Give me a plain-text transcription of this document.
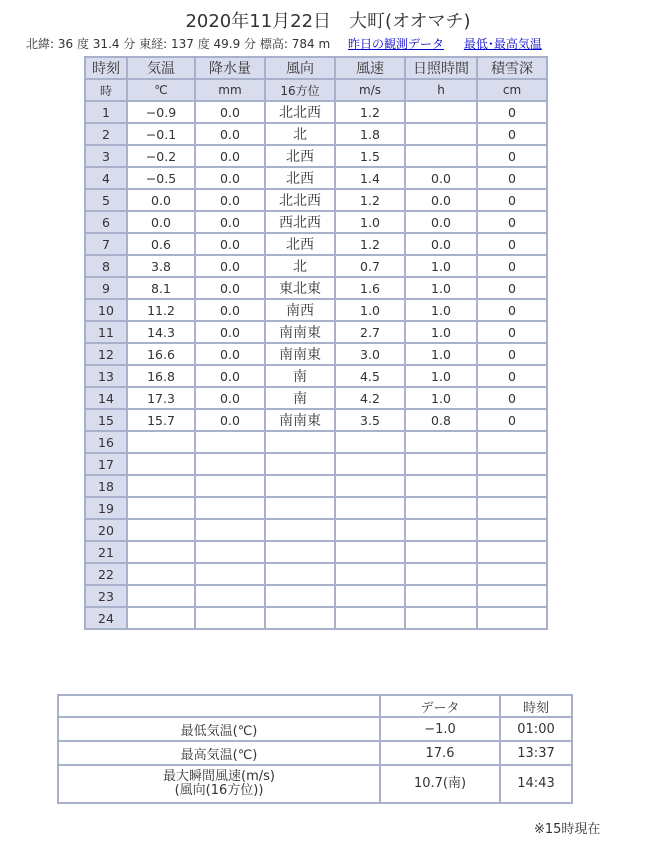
2020年11月22日　大町(オオマチ)
北緯: 36 度 31.4 分 東経: 137 度 49.9 分 標高: 784 m 昨日の観測データ 最低･最高気温
時刻	気温	降水量	風向	風速	日照時間	積雪深
時	℃	mm	16方位	m/s	h	cm
1	−0.9	0.0	北北西	1.2		0
2	−0.1	0.0	北	1.8		0
3	−0.2	0.0	北西	1.5		0
4	−0.5	0.0	北西	1.4	0.0	0
5	0.0	0.0	北北西	1.2	0.0	0
6	0.0	0.0	西北西	1.0	0.0	0
7	0.6	0.0	北西	1.2	0.0	0
8	3.8	0.0	北	0.7	1.0	0
9	8.1	0.0	東北東	1.6	1.0	0
10	11.2	0.0	南西	1.0	1.0	0
11	14.3	0.0	南南東	2.7	1.0	0
12	16.6	0.0	南南東	3.0	1.0	0
13	16.8	0.0	南	4.5	1.0	0
14	17.3	0.0	南	4.2	1.0	0
15	15.7	0.0	南南東	3.5	0.8	0
16						
17						
18						
19						
20						
21						
22						
23						
24						
	データ	時刻
最低気温(℃)	−1.0	01:00
最高気温(℃)	17.6	13:37

最大瞬間風速(m/s)
(風向(16方位))	10.7(南)	14:43
※15時現在
